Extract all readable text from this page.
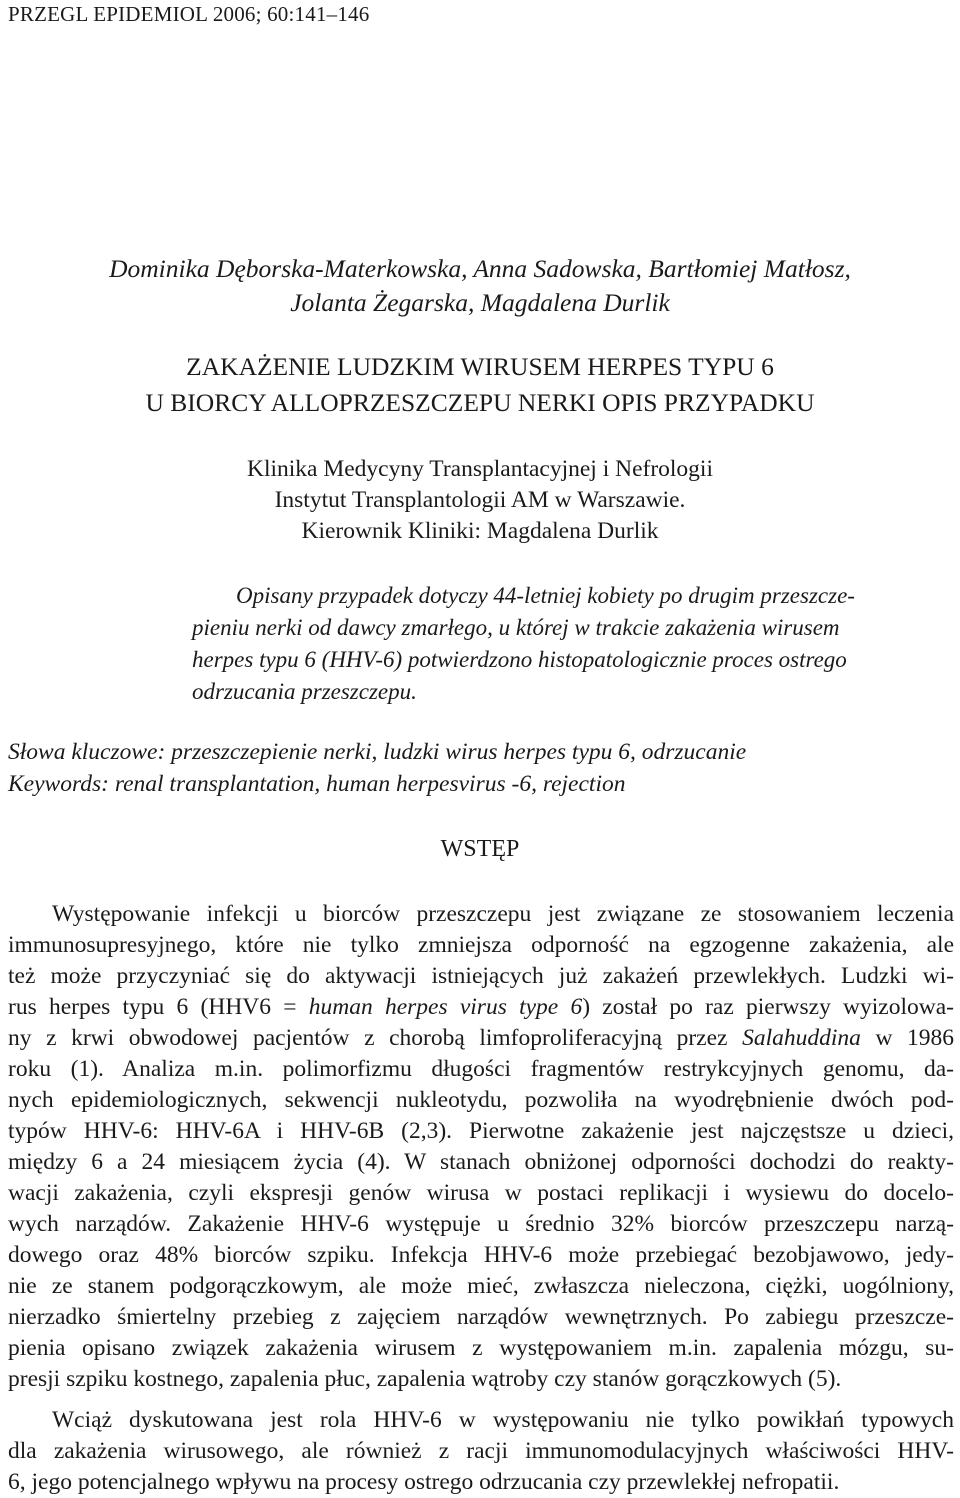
PRZEGL EPIDEMIOL 2006; 60:141–146
Dominika Dęborska-Materkowska, Anna Sadowska, Bartłomiej Matłosz,
Jolanta Żegarska, Magdalena Durlik
ZAKAŻENIE LUDZKIM WIRUSEM HERPES TYPU 6
U BIORCY ALLOPRZESZCZEPU NERKI OPIS PRZYPADKU
Klinika Medycyny Transplantacyjnej i Nefrologii
Instytut Transplantologii AM w Warszawie.
Kierownik Kliniki: Magdalena Durlik
Opisany przypadek dotyczy 44-letniej kobiety po drugim przeszcze-
pieniu nerki od dawcy zmarłego, u której w trakcie zakażenia wirusem
herpes typu 6 (HHV-6) potwierdzono histopatologicznie proces ostrego
odrzucania przeszczepu.
Słowa kluczowe: przeszczepienie nerki, ludzki wirus herpes typu 6, odrzucanie
Keywords: renal transplantation, human herpesvirus -6, rejection
WSTĘP
Występowanie infekcji u biorców przeszczepu jest związane ze stosowaniem leczenia
immunosupresyjnego, które nie tylko zmniejsza odporność na egzogenne zakażenia, ale
też może przyczyniać się do aktywacji istniejących już zakażeń przewlekłych. Ludzki wi-
rus herpes typu 6 (HHV6 = human herpes virus type 6) został po raz pierwszy wyizolowa-
ny z krwi obwodowej pacjentów z chorobą limfoproliferacyjną przez Salahuddina w 1986
roku (1). Analiza m.in. polimorfizmu długości fragmentów restrykcyjnych genomu, da-
nych epidemiologicznych, sekwencji nukleotydu, pozwoliła na wyodrębnienie dwóch pod-
typów HHV-6: HHV-6A i HHV-6B (2,3). Pierwotne zakażenie jest najczęstsze u dzieci,
między 6 a 24 miesiącem życia (4). W stanach obniżonej odporności dochodzi do reakty-
wacji zakażenia, czyli ekspresji genów wirusa w postaci replikacji i wysiewu do docelo-
wych narządów. Zakażenie HHV-6 występuje u średnio 32% biorców przeszczepu narzą-
dowego oraz 48% biorców szpiku. Infekcja HHV-6 może przebiegać bezobjawowo, jedy-
nie ze stanem podgorączkowym, ale może mieć, zwłaszcza nieleczona, ciężki, uogólniony,
nierzadko śmiertelny przebieg z zajęciem narządów wewnętrznych. Po zabiegu przeszcze-
pienia opisano związek zakażenia wirusem z występowaniem m.in. zapalenia mózgu, su-
presji szpiku kostnego, zapalenia płuc, zapalenia wątroby czy stanów gorączkowych (5).
Wciąż dyskutowana jest rola HHV-6 w występowaniu nie tylko powikłań typowych
dla zakażenia wirusowego, ale również z racji immunomodulacyjnych właściwości HHV-
6, jego potencjalnego wpływu na procesy ostrego odrzucania czy przewlekłej nefropatii.
